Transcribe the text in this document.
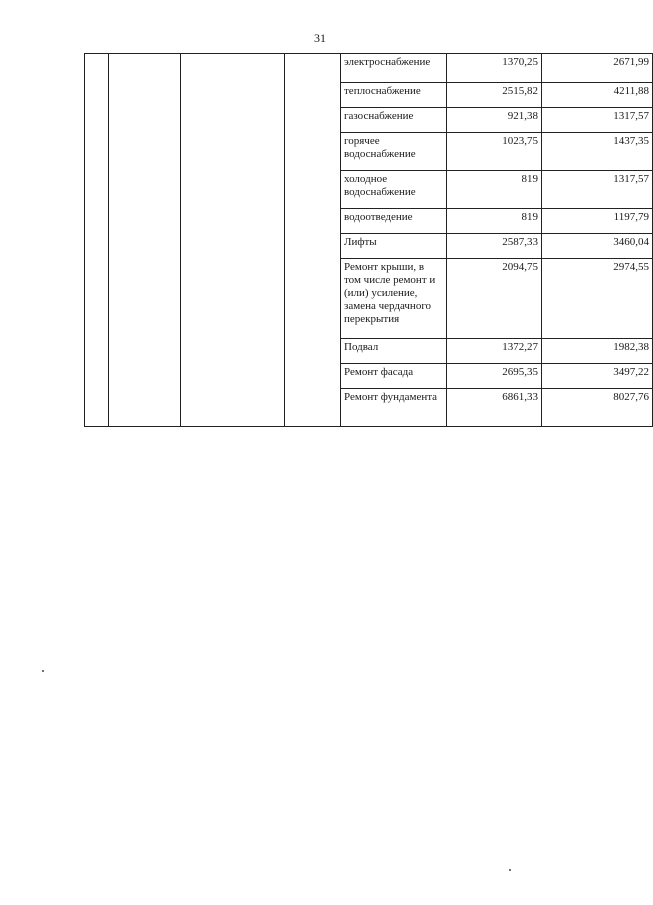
31
				электроснабжение	1370,25	2671,99
				теплоснабжение	2515,82	4211,88
				газоснабжение	921,38	1317,57
				горячее водоснабжение	1023,75	1437,35
				холодное водоснабжение	819	1317,57
				водоотведение	819	1197,79
				Лифты	2587,33	3460,04
				Ремонт крыши, в том числе ремонт и (или) усиление, замена чердачного перекрытия	2094,75	2974,55
				Подвал	1372,27	1982,38
				Ремонт фасада	2695,35	3497,22
				Ремонт фундамента	6861,33	8027,76
